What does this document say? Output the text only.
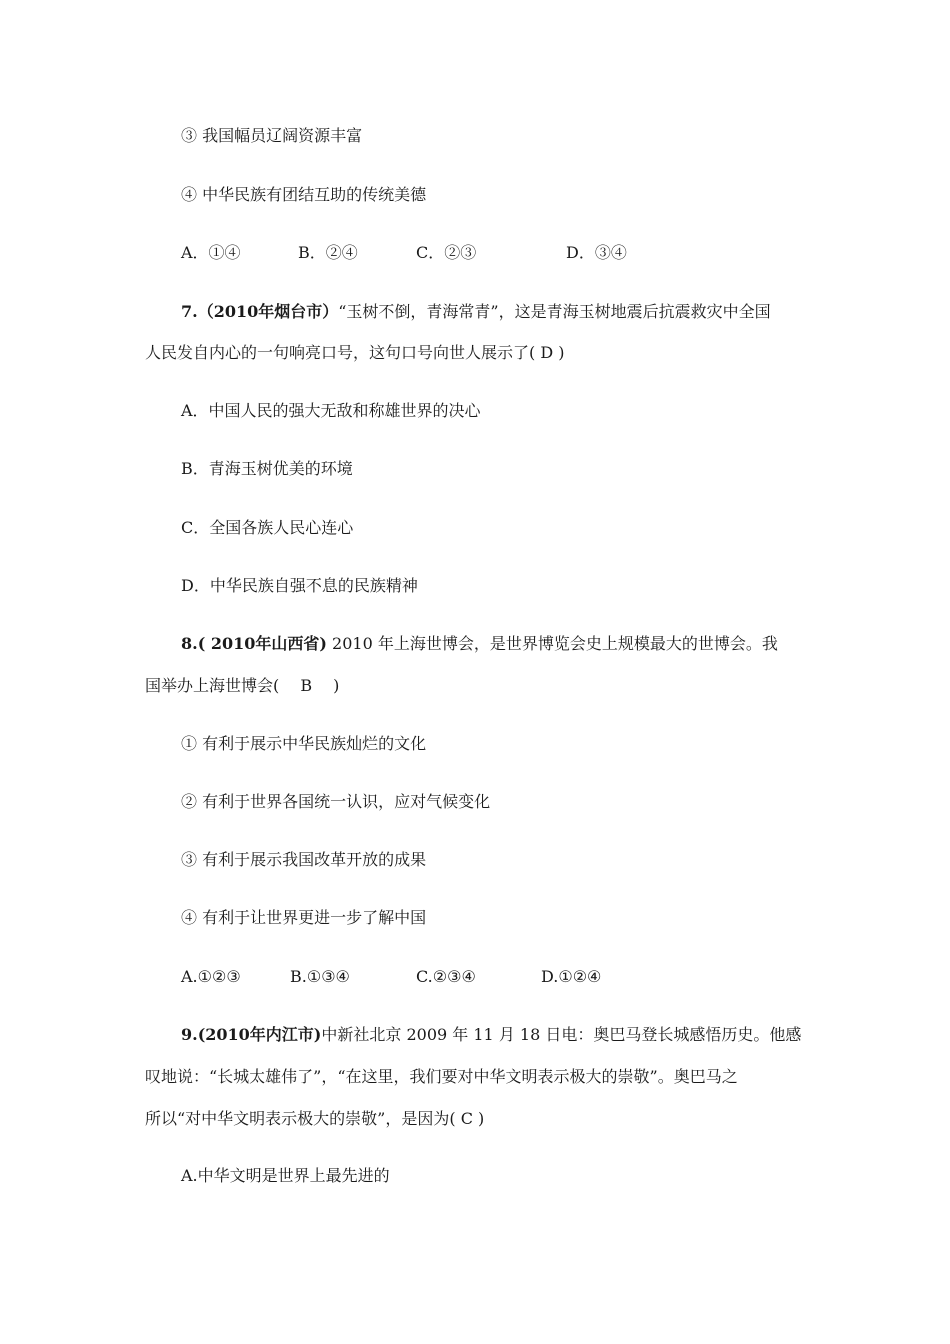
③ 我国幅员辽阔资源丰富
④ 中华民族有团结互助的传统美德
A．①④	B．②④	C．②③	D．③④
7.（2010年烟台市）“玉树不倒，青海常青”，这是青海玉树地震后抗震救灾中全国
人民发自内心的一句响亮口号，这句口号向世人展示了( D )
A．中国人民的强大无敌和称雄世界的决心
B．青海玉树优美的环境
C．全国各族人民心连心
D．中华民族自强不息的民族精神
8.( 2010年山西省) 2010 年上海世博会，是世界博览会史上规模最大的世博会。我
国举办上海世博会(　 B 　)
① 有利于展示中华民族灿烂的文化
② 有利于世界各国统一认识，应对气候变化
③ 有利于展示我国改革开放的成果
④ 有利于让世界更进一步了解中国
A.①②③	B.①③④	C.②③④	D.①②④
9.(2010年内江市)中新社北京 2009 年 11 月 18 日电：奥巴马登长城感悟历史。他感
叹地说：“长城太雄伟了”，“在这里，我们要对中华文明表示极大的崇敬”。奥巴马之
所以“对中华文明表示极大的崇敬”，是因为( C )
A.中华文明是世界上最先进的
